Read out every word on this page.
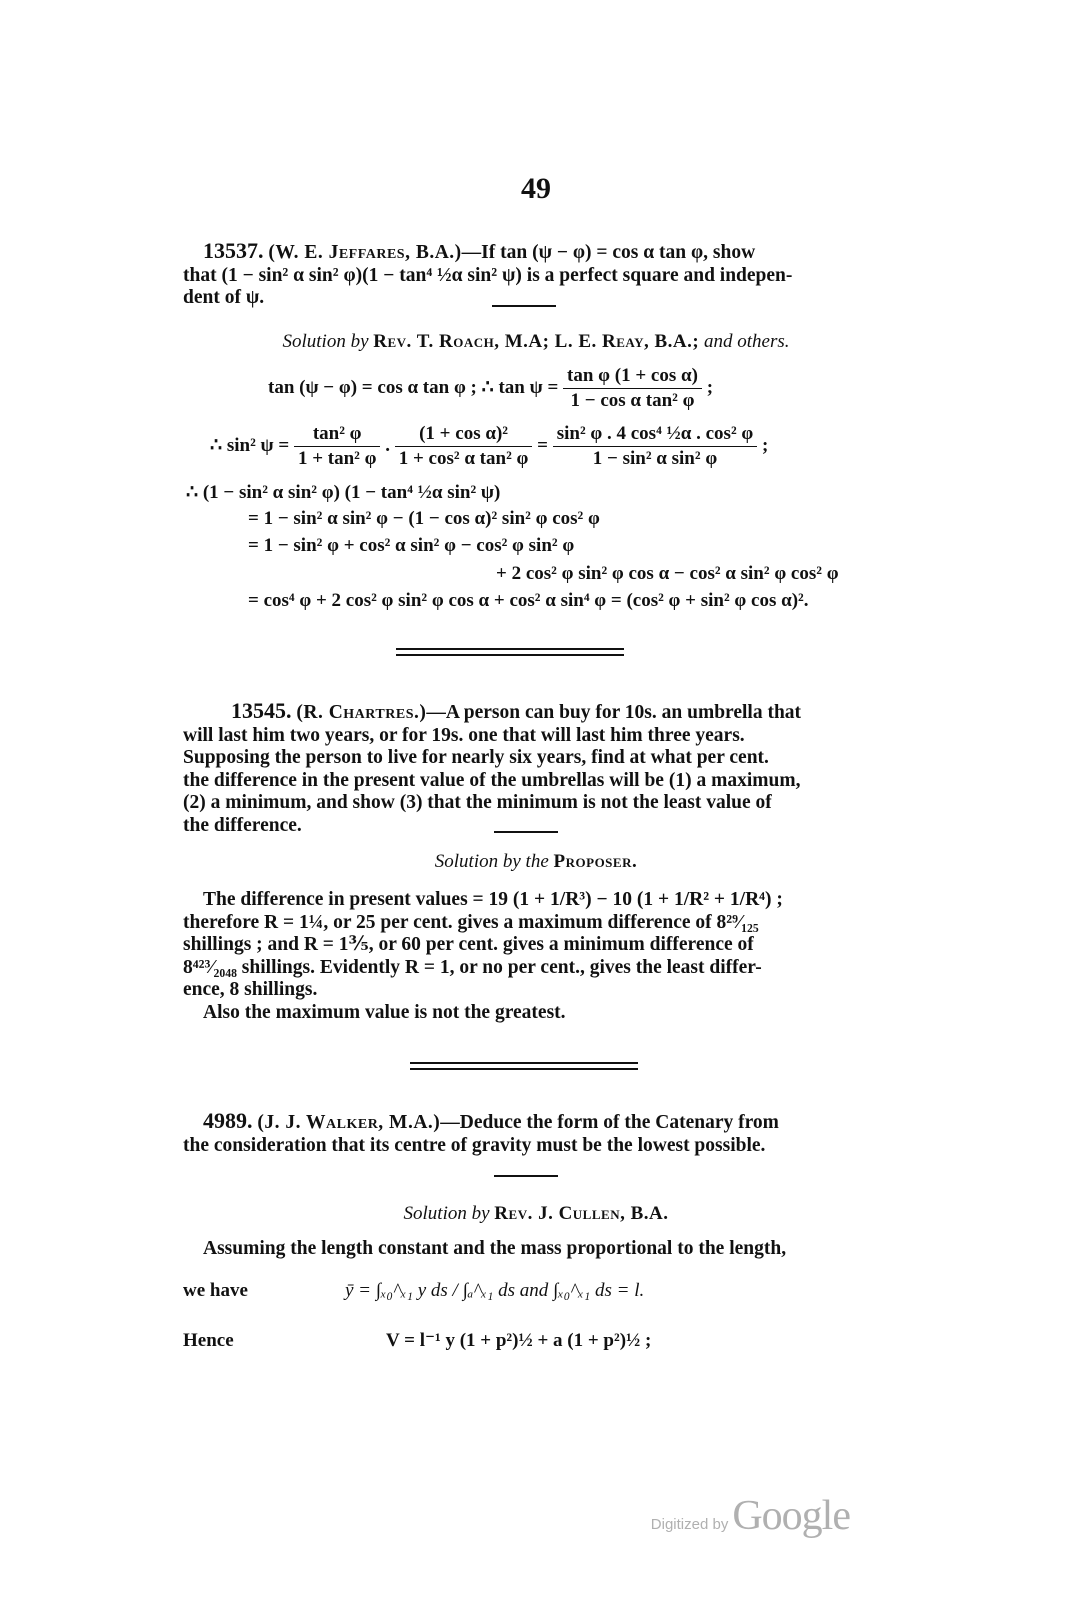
49
13537. (W. E. Jeffares, B.A.)—If tan (ψ − φ) = cos α tan φ, show
that (1 − sin² α sin² φ)(1 − tan⁴ ½α sin² ψ) is a perfect square and indepen-
dent of ψ.
Solution by Rev. T. Roach, M.A; L. E. Reay, B.A.; and others.
tan (ψ − φ) = cos α tan φ ; ∴ $\tan \psi = \frac{\text{tan φ (1 + cos α)}}{\text{1 − cos α tan² φ}}$ ;
∴ sin² $\psi = \frac{\text{tan² φ}}{\text{1 + tan² φ}}$ . $\frac{\text{(1 + cos α)²}}{\text{1 + cos² α tan² φ}} = \frac{\text{sin² φ . 4 cos⁴ ½α . cos² φ}}{\text{1 − sin² α sin² φ}}$ ;
∴ (1 − sin² α sin² φ) (1 − tan⁴ ½α sin² ψ)
= 1 − sin² α sin² φ − (1 − cos α)² sin² φ cos² φ
= 1 − sin² φ + cos² α sin² φ − cos² φ sin² φ
+ 2 cos² φ sin² φ cos α − cos² α sin² φ cos² φ
= cos⁴ φ + 2 cos² φ sin² φ cos α + cos² α sin⁴ φ = (cos² φ + sin² φ cos α)².
13545. (R. Chartres.)—A person can buy for 10s. an umbrella that
will last him two years, or for 19s. one that will last him three years.
Supposing the person to live for nearly six years, find at what per cent.
the difference in the present value of the umbrellas will be (1) a maximum,
(2) a minimum, and show (3) that the minimum is not the least value of
the difference.
Solution by the Proposer.
The difference in present values = 19 (1 + 1/R³) − 10 (1 + 1/R² + 1/R⁴) ;
therefore R = 1¼, or 25 per cent. gives a maximum difference of 8²⁹⁄₁₂₅
shillings ; and R = 1⅗, or 60 per cent. gives a minimum difference of
8⁴²³⁄₂₀₄₈ shillings. Evidently R = 1, or no per cent., gives the least differ-
ence, 8 shillings.
Also the maximum value is not the greatest.
4989. (J. J. Walker, M.A.)—Deduce the form of the Catenary from
the consideration that its centre of gravity must be the lowest possible.
Solution by Rev. J. Cullen, B.A.
Assuming the length constant and the mass proportional to the length,
we have	ȳ = ∫ₓ₀^ₓ₁ y ds / ∫ₐ^ₓ₁ ds and ∫ₓ₀^ₓ₁ ds = l.
Hence	V = l⁻¹ y (1 + p²)½ + a (1 + p²)½ ;
Digitized by Google
